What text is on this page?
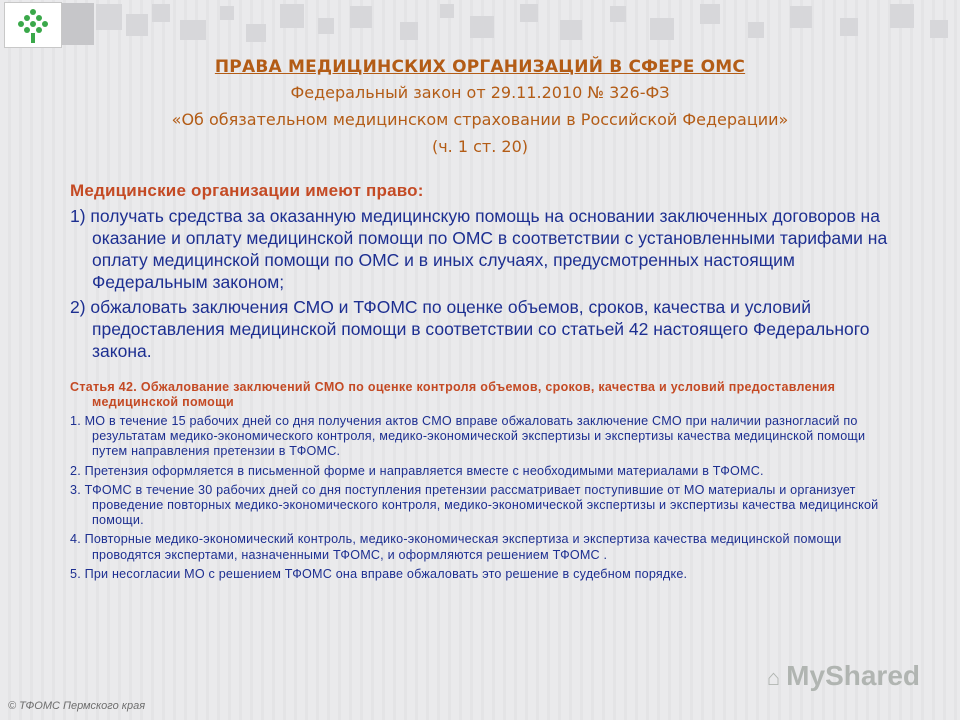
ПРАВА МЕДИЦИНСКИХ ОРГАНИЗАЦИЙ В СФЕРЕ ОМС

Федеральный закон от 29.11.2010 № 326-ФЗ

«Об обязательном медицинском страховании в Российской Федерации»

(ч. 1 ст. 20)

Медицинские организации имеют право:

1) получать средства за оказанную медицинскую помощь на основании заключенных договоров на оказание и оплату медицинской помощи по ОМС в соответствии с установленными тарифами на оплату медицинской помощи по ОМС и в иных случаях, предусмотренных настоящим Федеральным законом;

2) обжаловать заключения СМО и ТФОМС по оценке объемов, сроков, качества и условий предоставления медицинской помощи в соответствии со статьей 42 настоящего Федерального закона.

Статья 42. Обжалование заключений СМО по оценке контроля объемов, сроков, качества и условий предоставления медицинской помощи

1. МО в течение 15 рабочих дней со дня получения актов СМО вправе обжаловать заключение СМО при наличии разногласий по результатам медико-экономического контроля, медико-экономической экспертизы и экспертизы качества медицинской помощи путем направления претензии в ТФОМС.

2. Претензия оформляется в письменной форме и направляется вместе с необходимыми материалами в ТФОМС.

3. ТФОМС в течение 30 рабочих дней со дня поступления претензии рассматривает поступившие от МО материалы и организует проведение повторных медико-экономического контроля, медико-экономической экспертизы и экспертизы качества медицинской помощи.

4. Повторные медико-экономический контроль, медико-экономическая экспертиза и экспертиза качества медицинской помощи проводятся экспертами, назначенными ТФОМС, и оформляются решением ТФОМС .

5. При несогласии МО с решением ТФОМС она вправе обжаловать это решение в судебном порядке.

⌂ MyShared
© ТФОМС Пермского края
